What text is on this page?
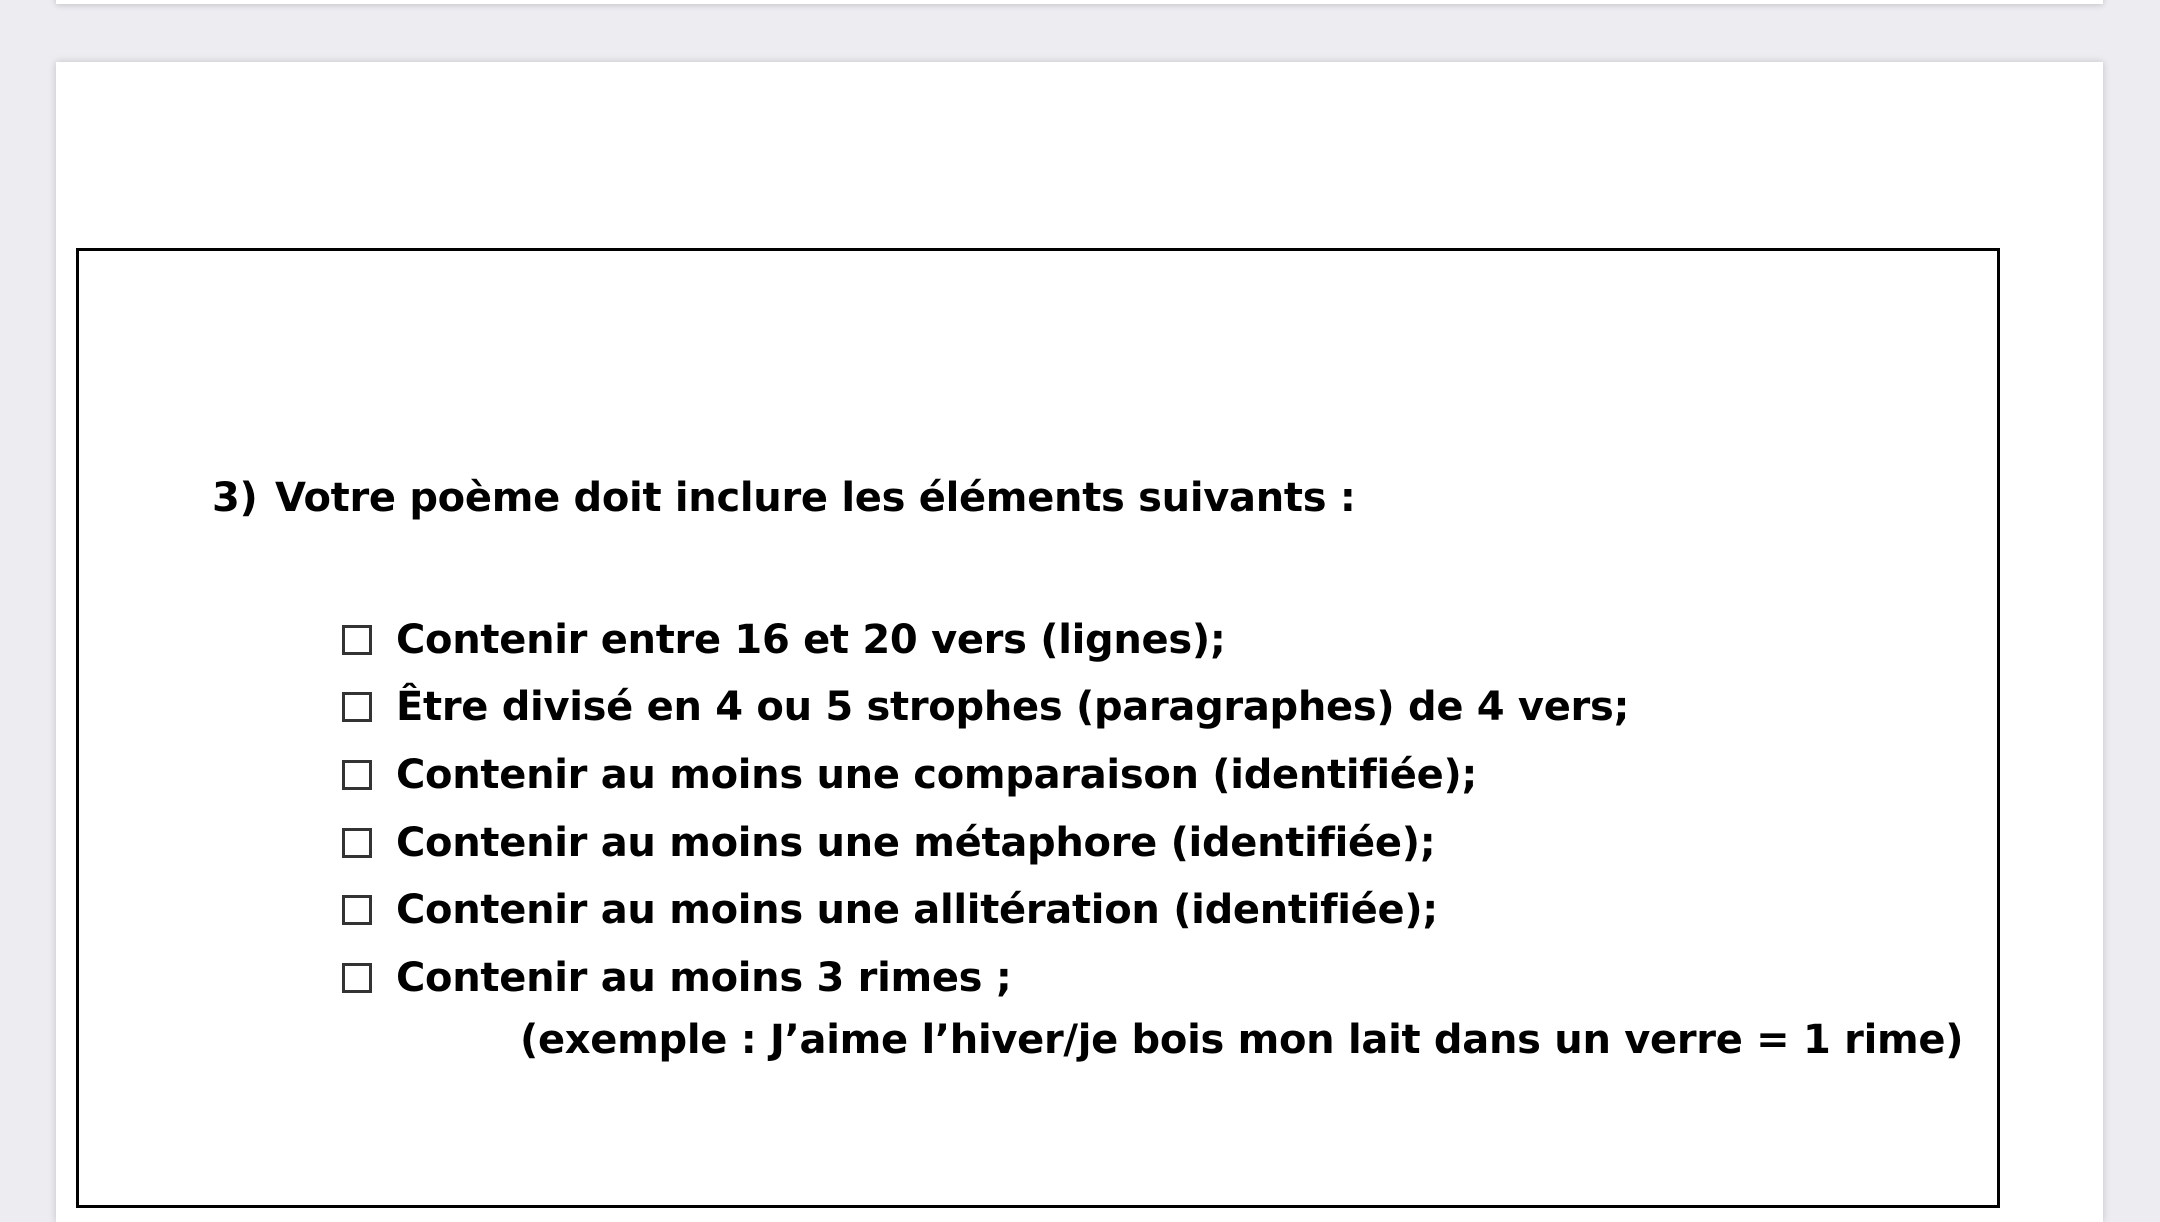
3) Votre poème doit inclure les éléments suivants :
Contenir entre 16 et 20 vers (lignes);
Être divisé en 4 ou 5 strophes (paragraphes) de 4 vers;
Contenir au moins une comparaison (identifiée);
Contenir au moins une métaphore (identifiée);
Contenir au moins une allitération (identifiée);
Contenir au moins 3 rimes ;
(exemple : J’aime l’hiver/je bois mon lait dans un verre = 1 rime)
